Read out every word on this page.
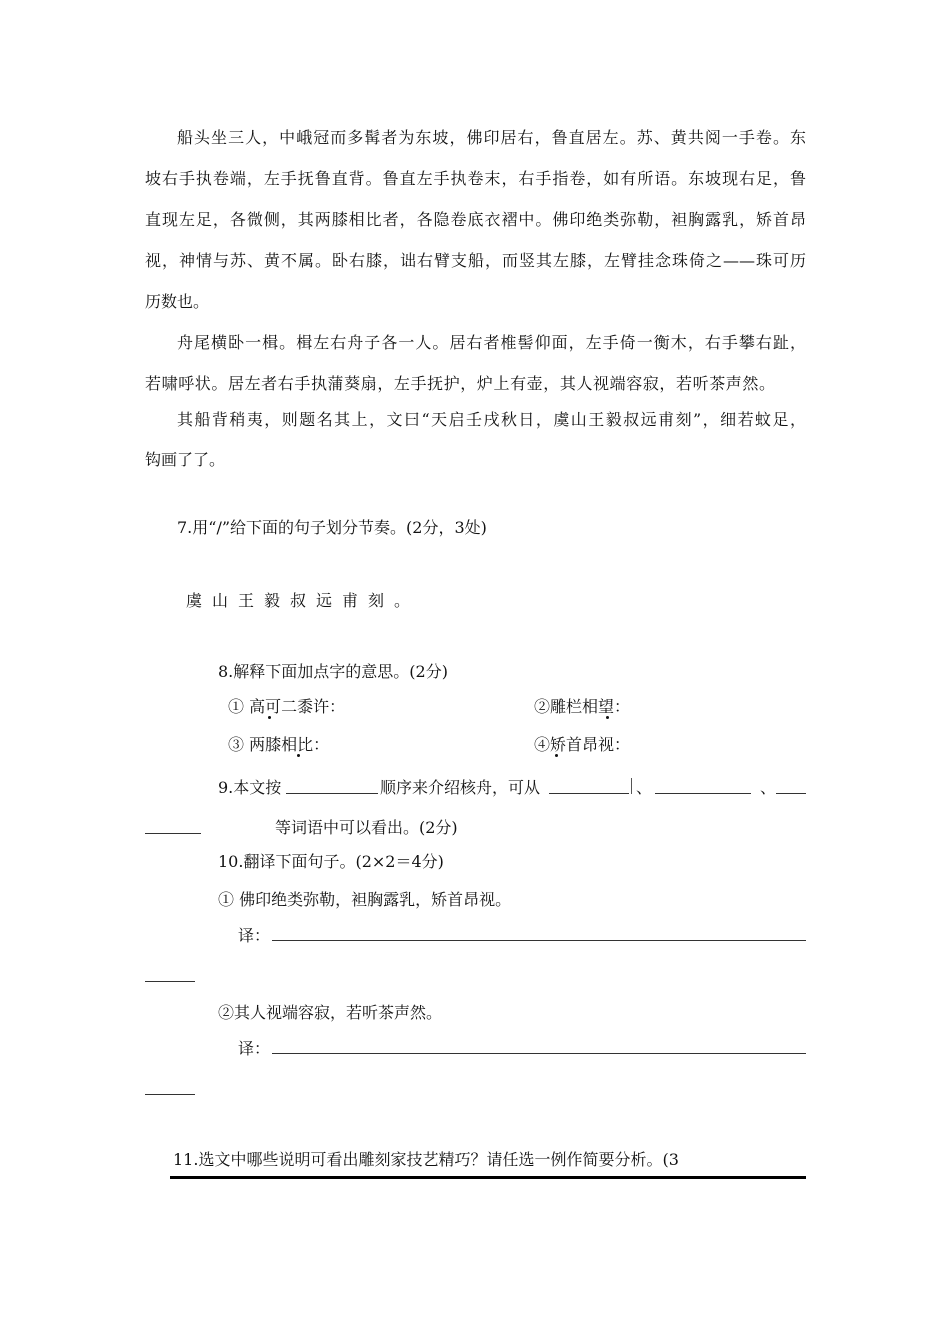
船头坐三人，中峨冠而多髯者为东坡，佛印居右，鲁直居左。苏、黄共阅一手卷。东
坡右手执卷端，左手抚鲁直背。鲁直左手执卷末，右手指卷，如有所语。东坡现右足，鲁
直现左足，各微侧，其两膝相比者，各隐卷底衣褶中。佛印绝类弥勒，袒胸露乳，矫首昂
视，神情与苏、黄不属。卧右膝，诎右臂支船，而竖其左膝，左臂挂念珠倚之——珠可历
历数也。
舟尾横卧一楫。楫左右舟子各一人。居右者椎髻仰面，左手倚一衡木，右手攀右趾，
若啸呼状。居左者右手执蒲葵扇，左手抚护，炉上有壶，其人视端容寂，若听茶声然。
其船背稍夷，则题名其上，文曰“天启壬戌秋日，虞山王毅叔远甫刻”，细若蚊足，
钩画了了。
7.用“/”给下面的句子划分节奏。(2分，3处)
虞山王毅叔远甫刻。
8.解释下面加点字的意思。(2分)
① 高可二黍许：	②雕栏相望：
③ 两膝相比：	④矫首昂视：
9.本文按	顺序来介绍核舟，可从	、	、
等词语中可以看出。(2分)
10.翻译下面句子。(2×2＝4分)
① 佛印绝类弥勒，袒胸露乳，矫首昂视。
译：
②其人视端容寂，若听茶声然。
译：
11.选文中哪些说明可看出雕刻家技艺精巧？请任选一例作简要分析。(3
